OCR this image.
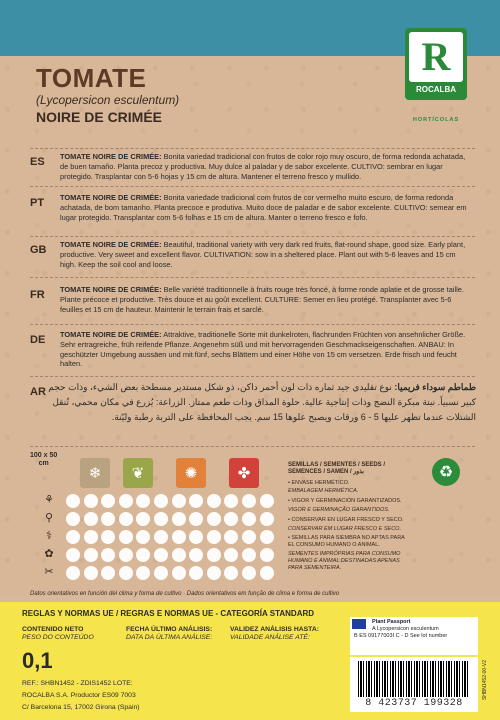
TOMATE
(Lycopersicon esculentum)
NOIRE DE CRIMÉE
R
ROCALBA
HORTÍCOLAS
ES TOMATE NOIRE DE CRIMÉE: Bonita variedad tradicional con frutos de color rojo muy oscuro, de forma redonda achatada, de buen tamaño. Planta precoz y productiva. Muy dulce al paladar y de sabor excelente. CULTIVO: sembrar en lugar protegido. Trasplantar con 5-6 hojas y 15 cm de altura. Mantener el terreno fresco y mullido.
PT TOMATE NOIRE DE CRIMÉE: Bonita variedade tradicional com frutos de cor vermelho muito escuro, de forma redonda achatada, de bom tamanho. Planta precoce e produtiva. Muito doce de paladar e de sabor excelente. CULTIVO: semear em lugar protegido. Transplantar com 5-6 folhas e 15 cm de altura. Manter o terreno fresco e fofo.
GB TOMATE NOIRE DE CRIMÉE: Beautiful, traditional variety with very dark red fruits, flat-round shape, good size. Early plant, productive. Very sweet and excellent flavor. CULTIVATION: sow in a sheltered place. Plant out with 5-6 leaves and 15 cm high. Keep the soil cool and loose.
FR TOMATE NOIRE DE CRIMÉE: Belle variété traditionnelle à fruits rouge très foncé, à forme ronde aplatie et de grosse taille. Plante précoce et productive. Très douce et au goût excellent. CULTURE: Semer en lieu protégé. Transplanter avec 5-6 feuilles et 15 cm de hauteur. Maintenir le terrain frais et sarclé.
DE TOMATE NOIRE DE CRIMÉE: Attraktive, traditionelle Sorte mit dunkelroten, flachrunden Früchten von ansehnlicher Größe. Sehr ertragreiche, früh reifende Pflanze. Angenehm süß und mit hervorragenden Geschmackseigenschaften. ANBAU: In geschützter Umgebung aussäen und mit fünf, sechs Blättern und einer Höhe von 15 cm versetzen. Erde frisch und feucht halten.
AR	طماطم سوداء فريميا: نوع تقليدي جيد ثماره ذات لون أحمر داكن، ذو شكل مستدير مسطحة بعض الشيء، وذات حجم كبير نسبياً. نبتة مبكرة النضج وذات إنتاجية عالية. حلوة المذاق وذات طعم ممتاز. الزراعة: يُزرع في مكان محمي، تُنقل الشتلات عندما تظهر عليها 5 - 6 ورقات ويصبح علوها 15 سم. يجب المحافظة على التربة رطبة وليّنة.
100 x 50
cm
❄ ❦	✺	✤
⚘
⚲
⚕
✿
✂
SEMILLAS / SEMENTES / SEEDS /
SEMENCES / SAMEN / بذور
• ENVASE HERMÉTICO.
EMBALAGEM HERMÉTICA.
• VIGOR Y GERMINACIÓN GARANTIZADOS.
VIGOR E GERMINAÇÃO GARANTIDOS.
• CONSERVAR EN LUGAR FRESCO Y SECO.
CONSERVAR EM LUGAR FRESCO E SECO.
• SEMILLAS PARA SIEMBRA NO APTAS PARA EL CONSUMO HUMANO O ANIMAL.
SEMENTES IMPRÓPRIAS PARA CONSUMO HUMANO E ANIMAL DESTINADAS APENAS PARA SEMENTEIRA.
♻
Datos orientativos en función del clima y forma de cultivo · Dados orientativos em função de clima e forma de cultivo
REGLAS Y NORMAS UE / REGRAS E NORMAS UE - CATEGORÍA STANDARD
CONTENIDO NETO
PESO DO CONTEÚDO
0,1
FECHA ÚLTIMO ANÁLISIS:
DATA DA ÚLTIMA ANÁLISE:
VALIDEZ ANÁLISIS HASTA:
VALIDADE ANÁLISE ATÉ:
REF.: SHBN1452 - ZDIS1452 LOTE:
ROCALBA S.A. Productor ES09 7003
C/ Barcelona 15, 17002 Girona (Spain)
Plant Passport
A Lycopersicon esculentum
B ES 09177003I C - D See lot number
8 423737 199328
SHBN1452-00-V2
